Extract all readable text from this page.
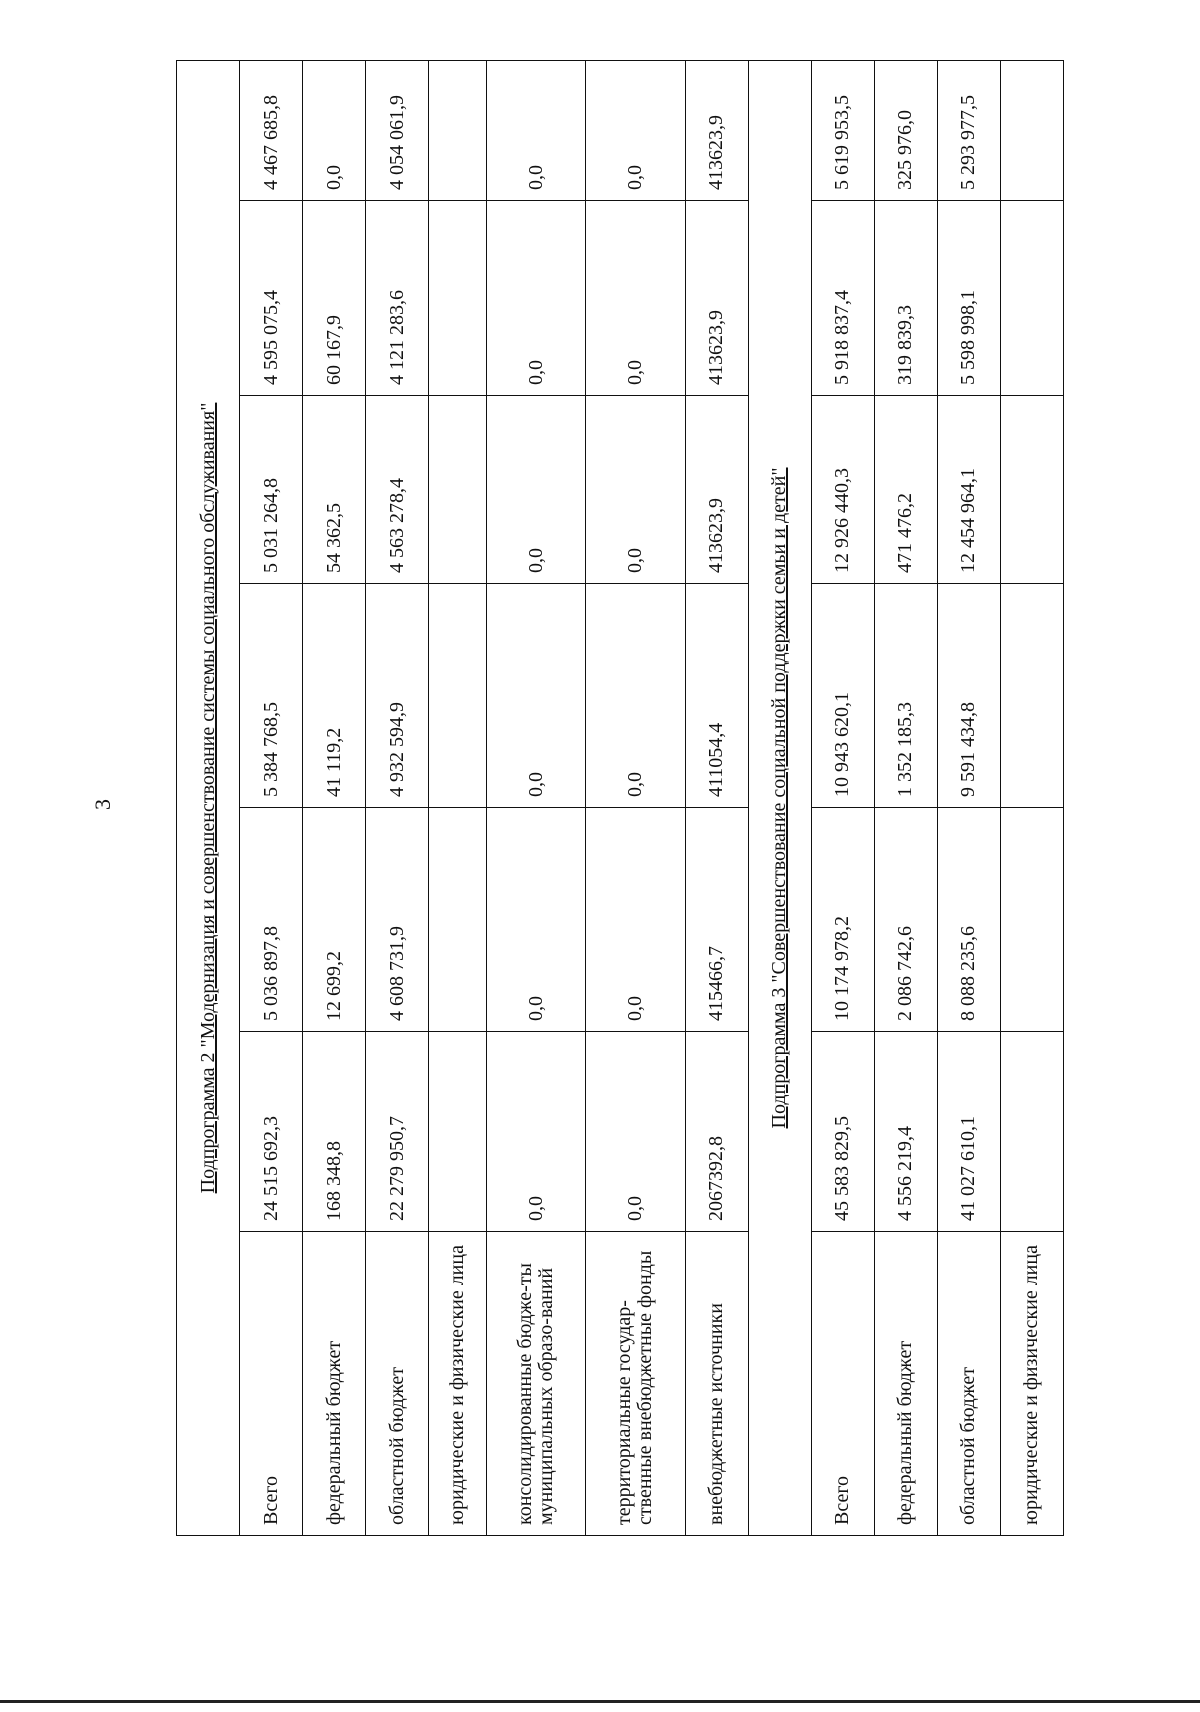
3	Подпрограмма 2 "Модернизация и совершенствование системы социального обслуживания"						
Всего	24 515 692,3	5 036 897,8	5 384 768,5	5 031 264,8	4 595 075,4	4 467 685,8
федеральный бюджет	168 348,8	12 699,2	41 119,2	54 362,5	60 167,9	0,0
областной бюджет	22 279 950,7	4 608 731,9	4 932 594,9	4 563 278,4	4 121 283,6	4 054 061,9
юридические и физические лица						
консолидированные бюдже-ты муниципальных образо-ваний	0,0	0,0	0,0	0,0	0,0	0,0
территориальные государ-ственные внебюджетные фонды	0,0	0,0	0,0	0,0	0,0	0,0
внебюджетные источники	2067392,8	415466,7	411054,4	413623,9	413623,9	413623,9
Подпрограмма 3 "Совершенствование социальной поддержки семьи и детей"						
Всего	45 583 829,5	10 174 978,2	10 943 620,1	12 926 440,3	5 918 837,4	5 619 953,5
федеральный бюджет	4 556 219,4	2 086 742,6	1 352 185,3	471 476,2	319 839,3	325 976,0
областной бюджет	41 027 610,1	8 088 235,6	9 591 434,8	12 454 964,1	5 598 998,1	5 293 977,5
юридические и физические лица						
